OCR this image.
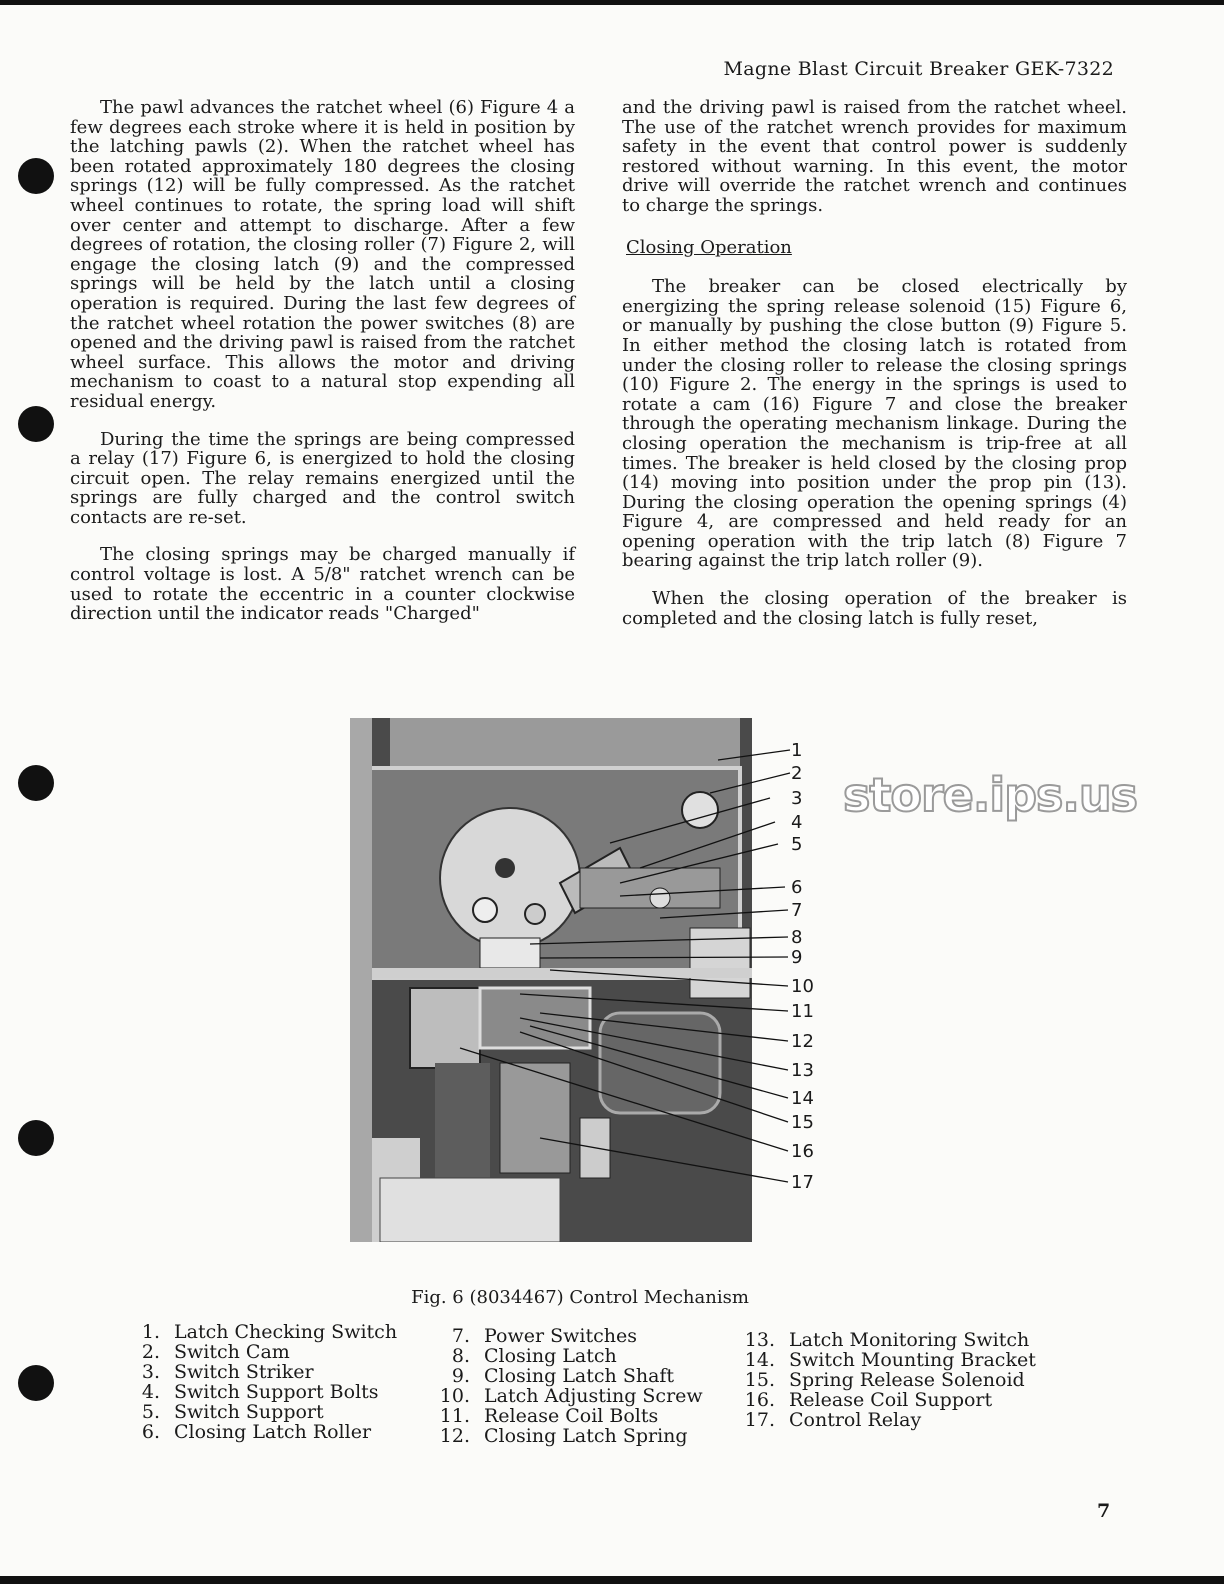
Magne Blast Circuit Breaker GEK-7322

The pawl advances the ratchet wheel (6) Figure 4 a few degrees each stroke where it is held in position by the latching pawls (2). When the ratchet wheel has been rotated approximately 180 degrees the closing springs (12) will be fully compressed. As the ratchet wheel continues to rotate, the spring load will shift over center and attempt to discharge. After a few degrees of rotation, the closing roller (7) Figure 2, will engage the closing latch (9) and the compressed springs will be held by the latch until a closing operation is required. During the last few degrees of the ratchet wheel rotation the power switches (8) are opened and the driving pawl is raised from the ratchet wheel surface. This allows the motor and driving mechanism to coast to a natural stop expending all residual energy.

During the time the springs are being compressed a relay (17) Figure 6, is energized to hold the closing circuit open. The relay remains energized until the springs are fully charged and the control switch contacts are re-set.

The closing springs may be charged manually if control voltage is lost. A 5/8" ratchet wrench can be used to rotate the eccentric in a counter clockwise direction until the indicator reads "Charged"

and the driving pawl is raised from the ratchet wheel. The use of the ratchet wrench provides for maximum safety in the event that control power is suddenly restored without warning. In this event, the motor drive will override the ratchet wrench and continues to charge the springs.

Closing Operation

The breaker can be closed electrically by energizing the spring release solenoid (15) Figure 6, or manually by pushing the close button (9) Figure 5. In either method the closing latch is rotated from under the closing roller to release the closing springs (10) Figure 2. The energy in the springs is used to rotate a cam (16) Figure 7 and close the breaker through the operating mechanism linkage. During the closing operation the mechanism is trip-free at all times. The breaker is held closed by the closing prop (14) moving into position under the prop pin (13). During the closing operation the opening springs (4) Figure 4, are compressed and held ready for an opening operation with the trip latch (8) Figure 7 bearing against the trip latch roller (9).

When the closing operation of the breaker is completed and the closing latch is fully reset,

1
2
3
4
5
6
7
8
9
10
11
12
13
14
15
16
17
store.ips.us
Fig. 6 (8034467) Control Mechanism
1. Latch Checking Switch
2. Switch Cam
3. Switch Striker
4. Switch Support Bolts
5. Switch Support
6. Closing Latch Roller
7. Power Switches
8. Closing Latch
9. Closing Latch Shaft
10. Latch Adjusting Screw
11. Release Coil Bolts
12. Closing Latch Spring
13. Latch Monitoring Switch
14. Switch Mounting Bracket
15. Spring Release Solenoid
16. Release Coil Support
17. Control Relay
7
